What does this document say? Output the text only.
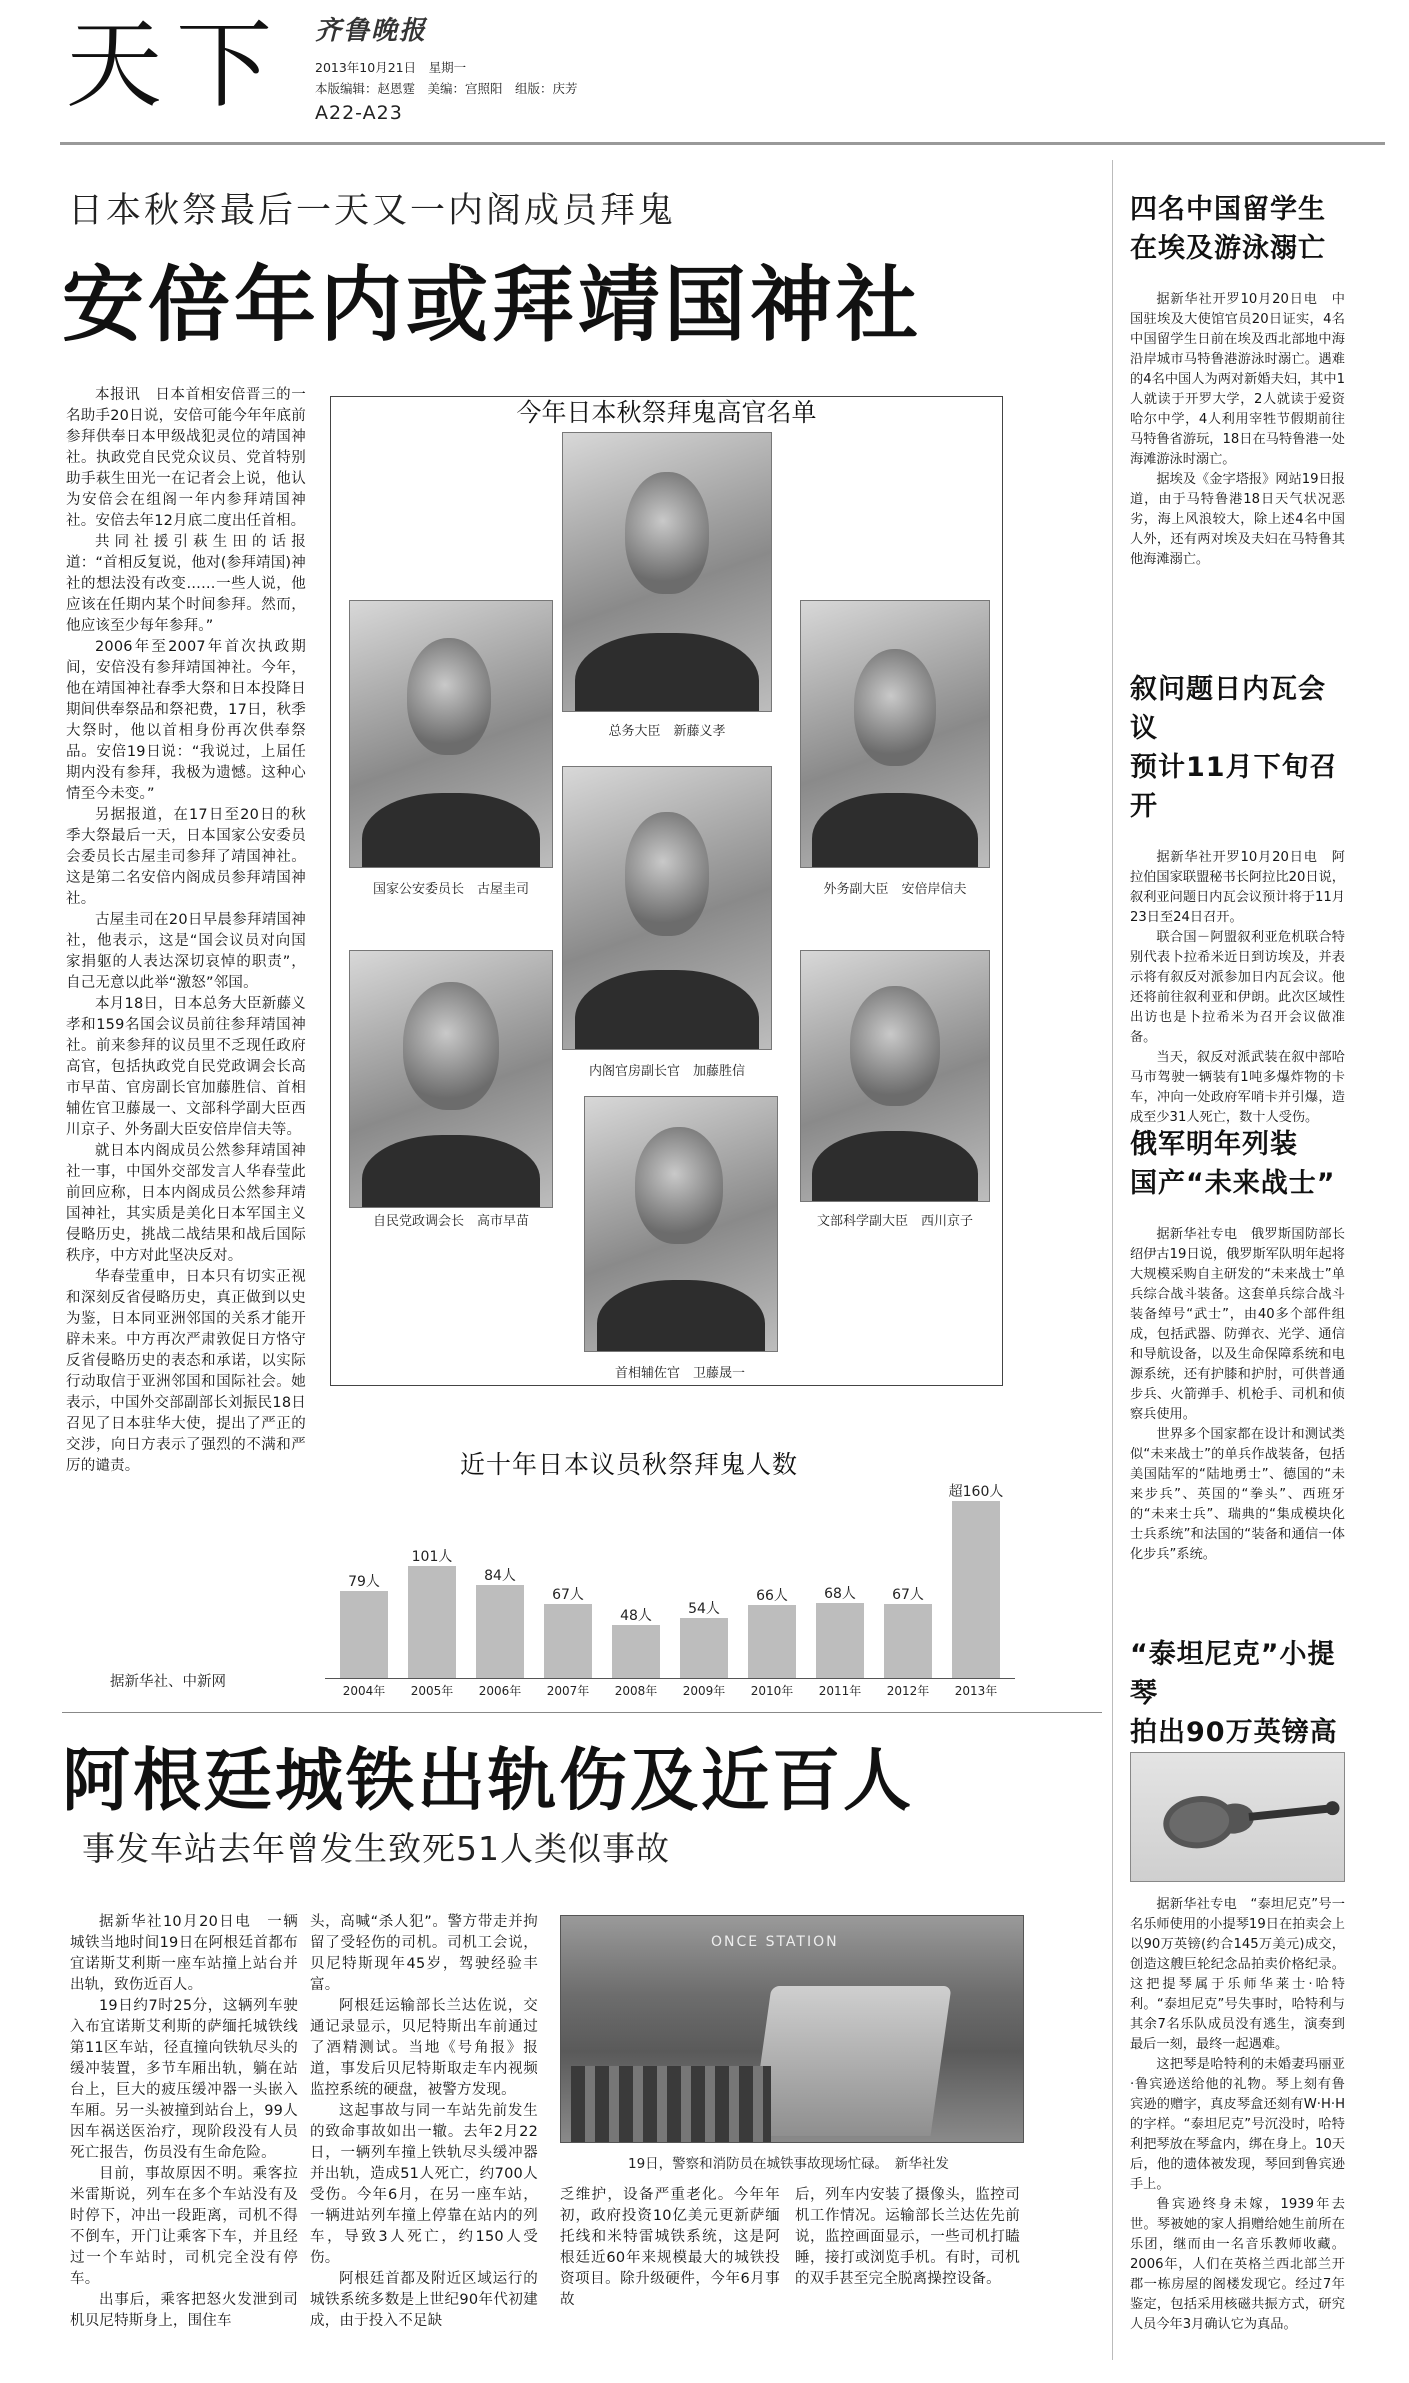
天下 齐鲁晚报
2013年10月21日　星期一
本版编辑：赵恩霆　美编：宫照阳　组版：庆芳
A22-A23
日本秋祭最后一天又一内阁成员拜鬼
安倍年内或拜靖国神社

本报讯　日本首相安倍晋三的一名助手20日说，安倍可能今年年底前参拜供奉日本甲级战犯灵位的靖国神社。执政党自民党众议员、党首特别助手萩生田光一在记者会上说，他认为安倍会在组阁一年内参拜靖国神社。安倍去年12月底二度出任首相。

共同社援引萩生田的话报道：“首相反复说，他对(参拜靖国)神社的想法没有改变……一些人说，他应该在任期内某个时间参拜。然而，他应该至少每年参拜。”

2006年至2007年首次执政期间，安倍没有参拜靖国神社。今年，他在靖国神社春季大祭和日本投降日期间供奉祭品和祭祀费，17日，秋季大祭时，他以首相身份再次供奉祭品。安倍19日说：“我说过，上届任期内没有参拜，我极为遗憾。这种心情至今未变。”

另据报道，在17日至20日的秋季大祭最后一天，日本国家公安委员会委员长古屋圭司参拜了靖国神社。这是第二名安倍内阁成员参拜靖国神社。

古屋圭司在20日早晨参拜靖国神社，他表示，这是“国会议员对向国家捐躯的人表达深切哀悼的职责”，自己无意以此举“激怒”邻国。

本月18日，日本总务大臣新藤义孝和159名国会议员前往参拜靖国神社。前来参拜的议员里不乏现任政府高官，包括执政党自民党政调会长高市早苗、官房副长官加藤胜信、首相辅佐官卫藤晟一、文部科学副大臣西川京子、外务副大臣安倍岸信夫等。

就日本内阁成员公然参拜靖国神社一事，中国外交部发言人华春莹此前回应称，日本内阁成员公然参拜靖国神社，其实质是美化日本军国主义侵略历史，挑战二战结果和战后国际秩序，中方对此坚决反对。

华春莹重申，日本只有切实正视和深刻反省侵略历史，真正做到以史为鉴，日本同亚洲邻国的关系才能开辟未来。中方再次严肃敦促日方恪守反省侵略历史的表态和承诺，以实际行动取信于亚洲邻国和国际社会。她表示，中国外交部副部长刘振民18日召见了日本驻华大使，提出了严正的交涉，向日方表示了强烈的不满和严厉的谴责。

据新华社、中新网
今年日本秋祭拜鬼高官名单
总务大臣　新藤义孝
国家公安委员长　古屋圭司	外务副大臣　安倍岸信夫
内阁官房副长官　加藤胜信
自民党政调会长　高市早苗	文部科学副大臣　西川京子
首相辅佐官　卫藤晟一
近十年日本议员秋祭拜鬼人数
79人
2004年
101人
2005年
84人
2006年
67人
2007年
48人
2008年
54人
2009年
66人
2010年
68人
2011年
67人
2012年
超160人
2013年
阿根廷城铁出轨伤及近百人
事发车站去年曾发生致死51人类似事故

据新华社10月20日电　一辆城铁当地时间19日在阿根廷首都布宜诺斯艾利斯一座车站撞上站台并出轨，致伤近百人。

19日约7时25分，这辆列车驶入布宜诺斯艾利斯的萨缅托城铁线第11区车站，径直撞向铁轨尽头的缓冲装置，多节车厢出轨，躺在站台上，巨大的疲压缓冲器一头嵌入车厢。另一头被撞到站台上，99人因车祸送医治疗，现阶段没有人员死亡报告，伤员没有生命危险。

目前，事故原因不明。乘客拉米雷斯说，列车在多个车站没有及时停下，冲出一段距离，司机不得不倒车，开门让乘客下车，并且经过一个车站时，司机完全没有停车。

出事后，乘客把怒火发泄到司机贝尼特斯身上，围住车

头，高喊“杀人犯”。警方带走并拘留了受轻伤的司机。司机工会说，贝尼特斯现年45岁，驾驶经验丰富。

阿根廷运输部长兰达佐说，交通记录显示，贝尼特斯出车前通过了酒精测试。当地《号角报》报道，事发后贝尼特斯取走车内视频监控系统的硬盘，被警方发现。

这起事故与同一车站先前发生的致命事故如出一辙。去年2月22日，一辆列车撞上铁轨尽头缓冲器并出轨，造成51人死亡，约700人受伤。今年6月，在另一座车站，一辆进站列车撞上停靠在站内的列车，导致3人死亡，约150人受伤。

阿根廷首都及附近区域运行的城铁系统多数是上世纪90年代初建成，由于投入不足缺

ONCE STATION
19日，警察和消防员在城铁事故现场忙碌。　新华社发

乏维护，设备严重老化。今年年初，政府投资10亿美元更新萨缅托线和米特雷城铁系统，这是阿根廷近60年来规模最大的城铁投资项目。除升级硬件，今年6月事故

后，列车内安装了摄像头，监控司机工作情况。运输部长兰达佐先前说，监控画面显示，一些司机打瞌睡，接打或浏览手机。有时，司机的双手甚至完全脱离操控设备。

四名中国留学生
在埃及游泳溺亡

据新华社开罗10月20日电　中国驻埃及大使馆官员20日证实，4名中国留学生日前在埃及西北部地中海沿岸城市马特鲁港游泳时溺亡。遇难的4名中国人为两对新婚夫妇，其中1人就读于开罗大学，2人就读于爱资哈尔中学，4人利用宰牲节假期前往马特鲁省游玩，18日在马特鲁港一处海滩游泳时溺亡。

据埃及《金字塔报》网站19日报道，由于马特鲁港18日天气状况恶劣，海上风浪较大，除上述4名中国人外，还有两对埃及夫妇在马特鲁其他海滩溺亡。

叙问题日内瓦会议
预计11月下旬召开

据新华社开罗10月20日电　阿拉伯国家联盟秘书长阿拉比20日说，叙利亚问题日内瓦会议预计将于11月23日至24日召开。

联合国－阿盟叙利亚危机联合特别代表卜拉希米近日到访埃及，并表示将有叙反对派参加日内瓦会议。他还将前往叙利亚和伊朗。此次区域性出访也是卜拉希米为召开会议做准备。

当天，叙反对派武装在叙中部哈马市驾驶一辆装有1吨多爆炸物的卡车，冲向一处政府军哨卡并引爆，造成至少31人死亡，数十人受伤。

俄军明年列装
国产“未来战士”

据新华社专电　俄罗斯国防部长绍伊古19日说，俄罗斯军队明年起将大规模采购自主研发的“未来战士”单兵综合战斗装备。这套单兵综合战斗装备绰号“武士”，由40多个部件组成，包括武器、防弹衣、光学、通信和导航设备，以及生命保障系统和电源系统，还有护膝和护肘，可供普通步兵、火箭弹手、机枪手、司机和侦察兵使用。

世界多个国家都在设计和测试类似“未来战士”的单兵作战装备，包括美国陆军的“陆地勇士”、德国的“未来步兵”、英国的“拳头”、西班牙的“未来士兵”、瑞典的“集成模块化士兵系统”和法国的“装备和通信一体化步兵”系统。

“泰坦尼克”小提琴
拍出90万英镑高

据新华社专电　“泰坦尼克”号一名乐师使用的小提琴19日在拍卖会上以90万英镑(约合145万美元)成交，创造这艘巨轮纪念品拍卖价格纪录。这把提琴属于乐师华莱士·哈特利。“泰坦尼克”号失事时，哈特利与其余7名乐队成员没有逃生，演奏到最后一刻，最终一起遇难。

这把琴是哈特利的未婚妻玛丽亚·鲁宾逊送给他的礼物。琴上刻有鲁宾逊的赠字，真皮琴盒还刻有W·H·H的字样。“泰坦尼克”号沉没时，哈特利把琴放在琴盒内，绑在身上。10天后，他的遗体被发现，琴回到鲁宾逊手上。

鲁宾逊终身未嫁，1939年去世。琴被她的家人捐赠给她生前所在乐团，继而由一名音乐教师收藏。2006年，人们在英格兰西北部兰开郡一栋房屋的阁楼发现它。经过7年鉴定，包括采用核磁共振方式，研究人员今年3月确认它为真品。
